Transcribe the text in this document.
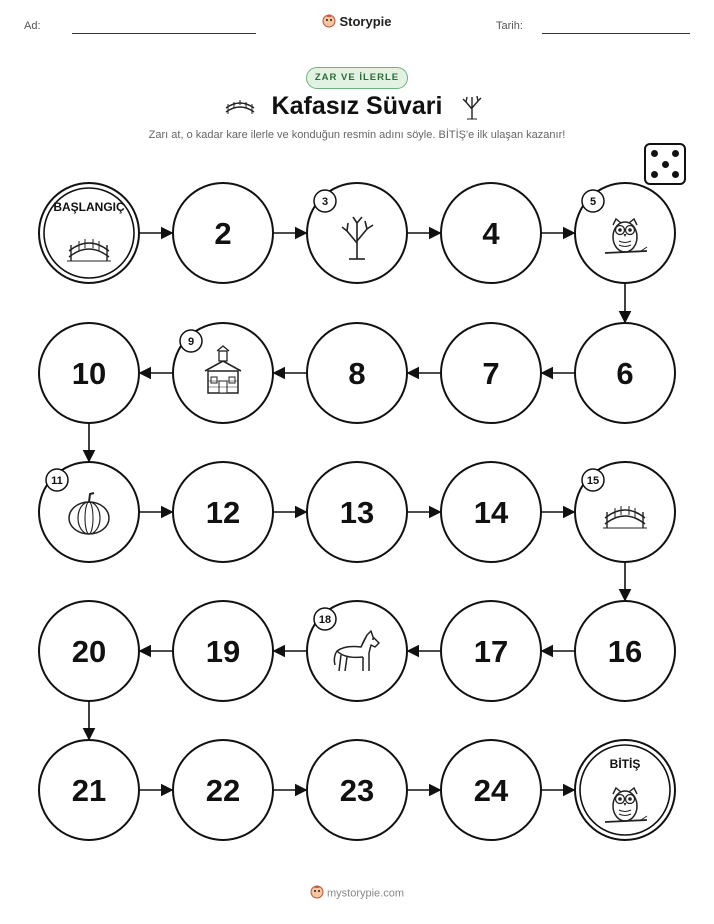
Ad:	Storypie	Tarih:
ZAR VE İLERLE
Kafasız Süvari
Zarı at, o kadar kare ilerle ve konduğun resmin adını söyle. BİTİŞ'e ilk ulaşan kazanır!
BAŞLANGIÇ
2
3
4
5
6
7
8
9
10
11
12	13	14
15
16
17
18
19
20
21	22	23	24
BİTİŞ
mystorypie.com
